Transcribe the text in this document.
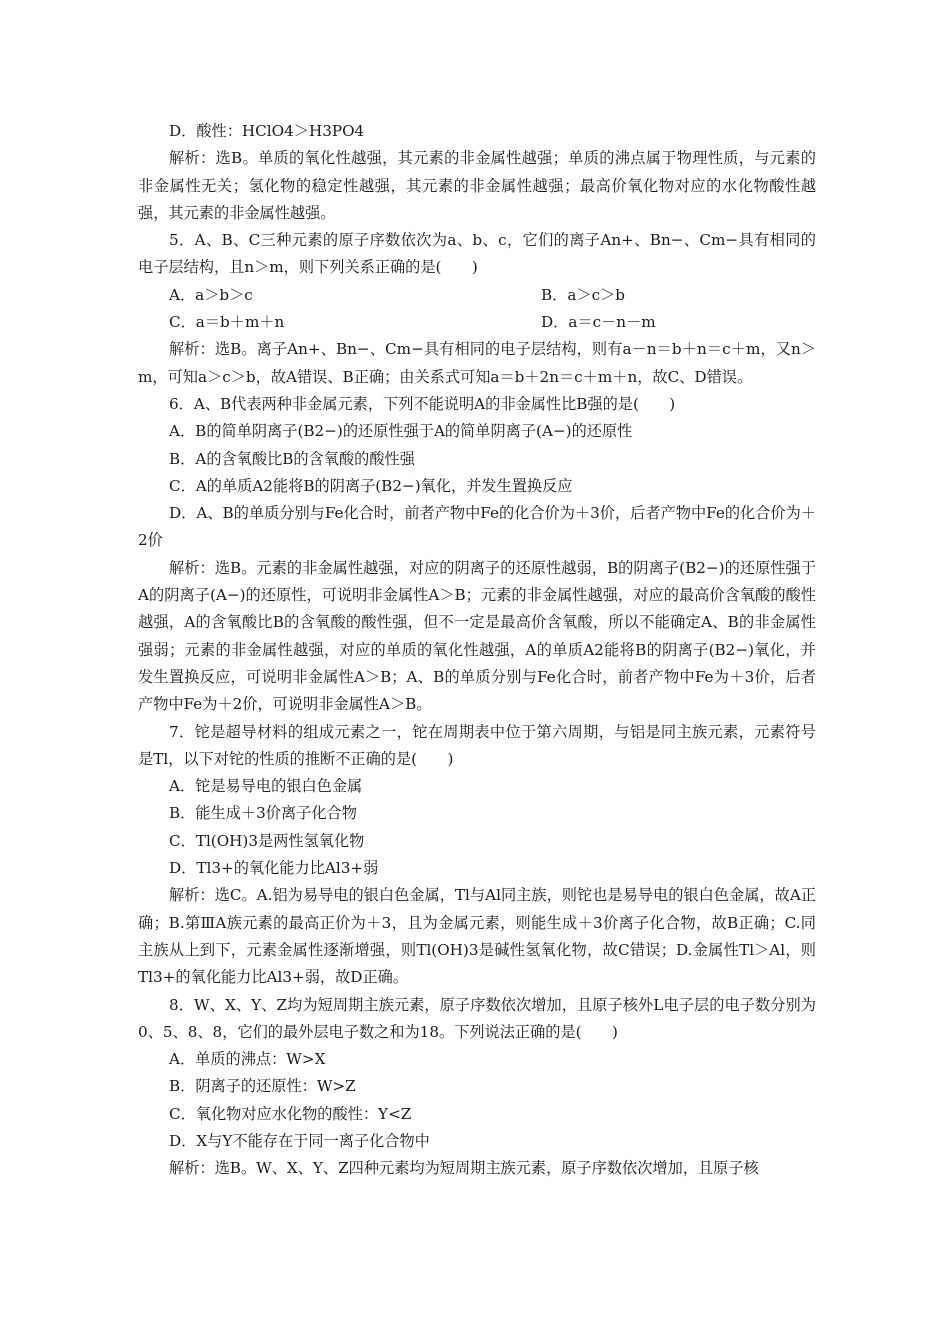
D．酸性：HClO4＞H3PO4

解析：选B。单质的氧化性越强，其元素的非金属性越强；单质的沸点属于物理性质，与元素的非金属性无关；氢化物的稳定性越强，其元素的非金属性越强；最高价氧化物对应的水化物酸性越强，其元素的非金属性越强。

5．A、B、C三种元素的原子序数依次为a、b、c，它们的离子An+、Bn−、Cm−具有相同的电子层结构，且n＞m，则下列关系正确的是(　　)

A．a＞b＞c	B．a＞c＞b
C．a＝b＋m＋n	D．a＝c－n－m

解析：选B。离子An+、Bn−、Cm−具有相同的电子层结构，则有a－n＝b＋n＝c＋m，又n＞m，可知a＞c＞b，故A错误、B正确；由关系式可知a＝b＋2n＝c＋m＋n，故C、D错误。

6．A、B代表两种非金属元素，下列不能说明A的非金属性比B强的是(　　)

A．B的简单阴离子(B2−)的还原性强于A的简单阴离子(A−)的还原性

B．A的含氧酸比B的含氧酸的酸性强

C．A的单质A2能将B的阴离子(B2−)氧化，并发生置换反应

D．A、B的单质分别与Fe化合时，前者产物中Fe的化合价为＋3价，后者产物中Fe的化合价为＋2价

解析：选B。元素的非金属性越强，对应的阴离子的还原性越弱，B的阴离子(B2−)的还原性强于A的阴离子(A−)的还原性，可说明非金属性A＞B；元素的非金属性越强，对应的最高价含氧酸的酸性越强，A的含氧酸比B的含氧酸的酸性强，但不一定是最高价含氧酸，所以不能确定A、B的非金属性强弱；元素的非金属性越强，对应的单质的氧化性越强，A的单质A2能将B的阴离子(B2−)氧化，并发生置换反应，可说明非金属性A＞B；A、B的单质分别与Fe化合时，前者产物中Fe为＋3价，后者产物中Fe为＋2价，可说明非金属性A＞B。

7．铊是超导材料的组成元素之一，铊在周期表中位于第六周期，与铝是同主族元素，元素符号是Tl，以下对铊的性质的推断不正确的是(　　)

A．铊是易导电的银白色金属

B．能生成＋3价离子化合物

C．Tl(OH)3是两性氢氧化物

D．Tl3+的氧化能力比Al3+弱

解析：选C。A.铝为易导电的银白色金属，Tl与Al同主族，则铊也是易导电的银白色金属，故A正确；B.第ⅢA族元素的最高正价为＋3，且为金属元素，则能生成＋3价离子化合物，故B正确；C.同主族从上到下，元素金属性逐渐增强，则Tl(OH)3是碱性氢氧化物，故C错误；D.金属性Tl＞Al，则Tl3+的氧化能力比Al3+弱，故D正确。

8．W、X、Y、Z均为短周期主族元素，原子序数依次增加，且原子核外L电子层的电子数分别为0、5、8、8，它们的最外层电子数之和为18。下列说法正确的是(　　)

A．单质的沸点：W>X

B．阴离子的还原性：W>Z

C．氧化物对应水化物的酸性：Y<Z

D．X与Y不能存在于同一离子化合物中

解析：选B。W、X、Y、Z四种元素均为短周期主族元素，原子序数依次增加，且原子核
